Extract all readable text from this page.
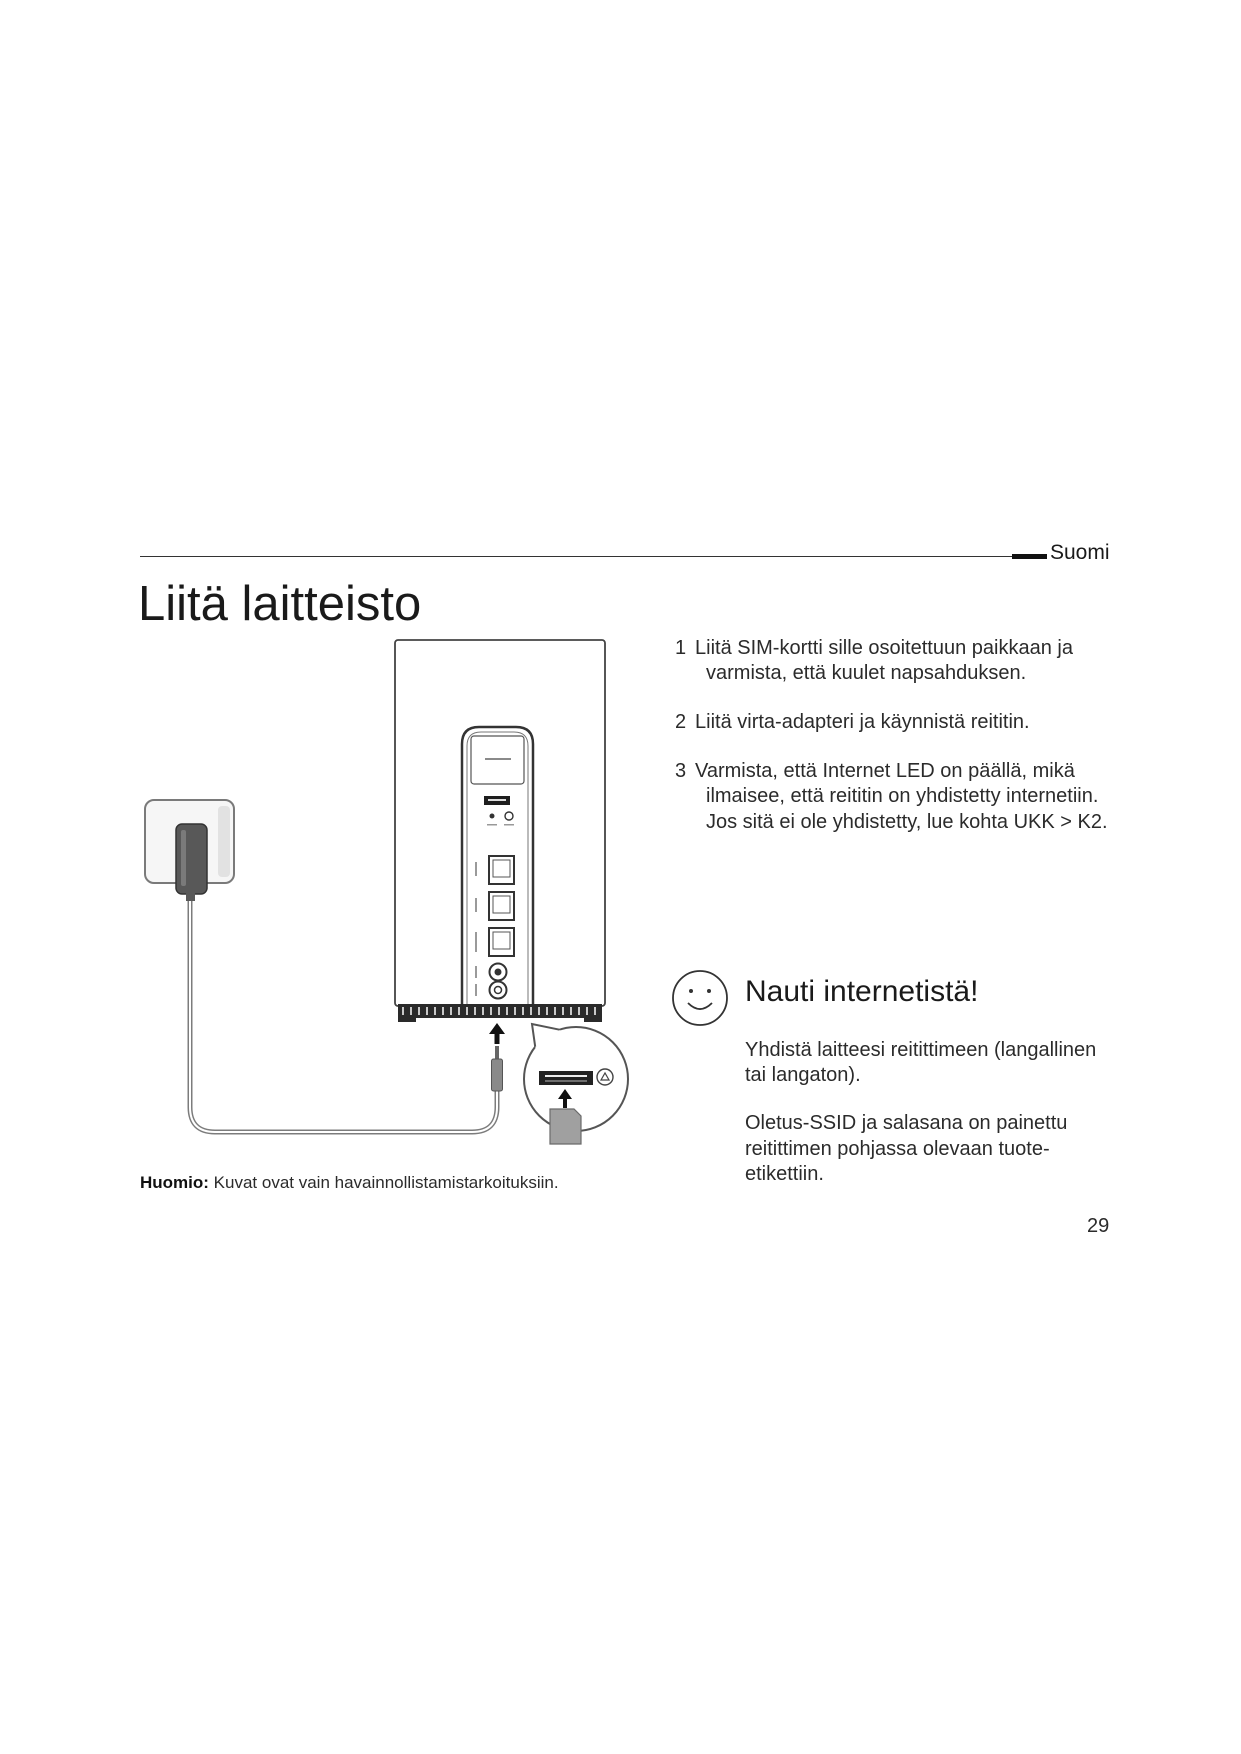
Suomi
Liitä laitteisto
Huomio: Kuvat ovat vain havainnollistamistarkoituksiin.
1 Liitä SIM-kortti sille osoitettuun paikkaan ja
varmista, että kuulet napsahduksen.
2 Liitä virta-adapteri ja käynnistä reititin.
3 Varmista, että Internet LED on päällä, mikä
ilmaisee, että reititin on yhdistetty internetiin.
Jos sitä ei ole yhdistetty, lue kohta UKK > K2.
Nauti internetistä!
Yhdistä laitteesi reitittimeen (langallinen
tai langaton).
Oletus-SSID ja salasana on painettu
reitittimen pohjassa olevaan tuote-
etikettiin.
29
